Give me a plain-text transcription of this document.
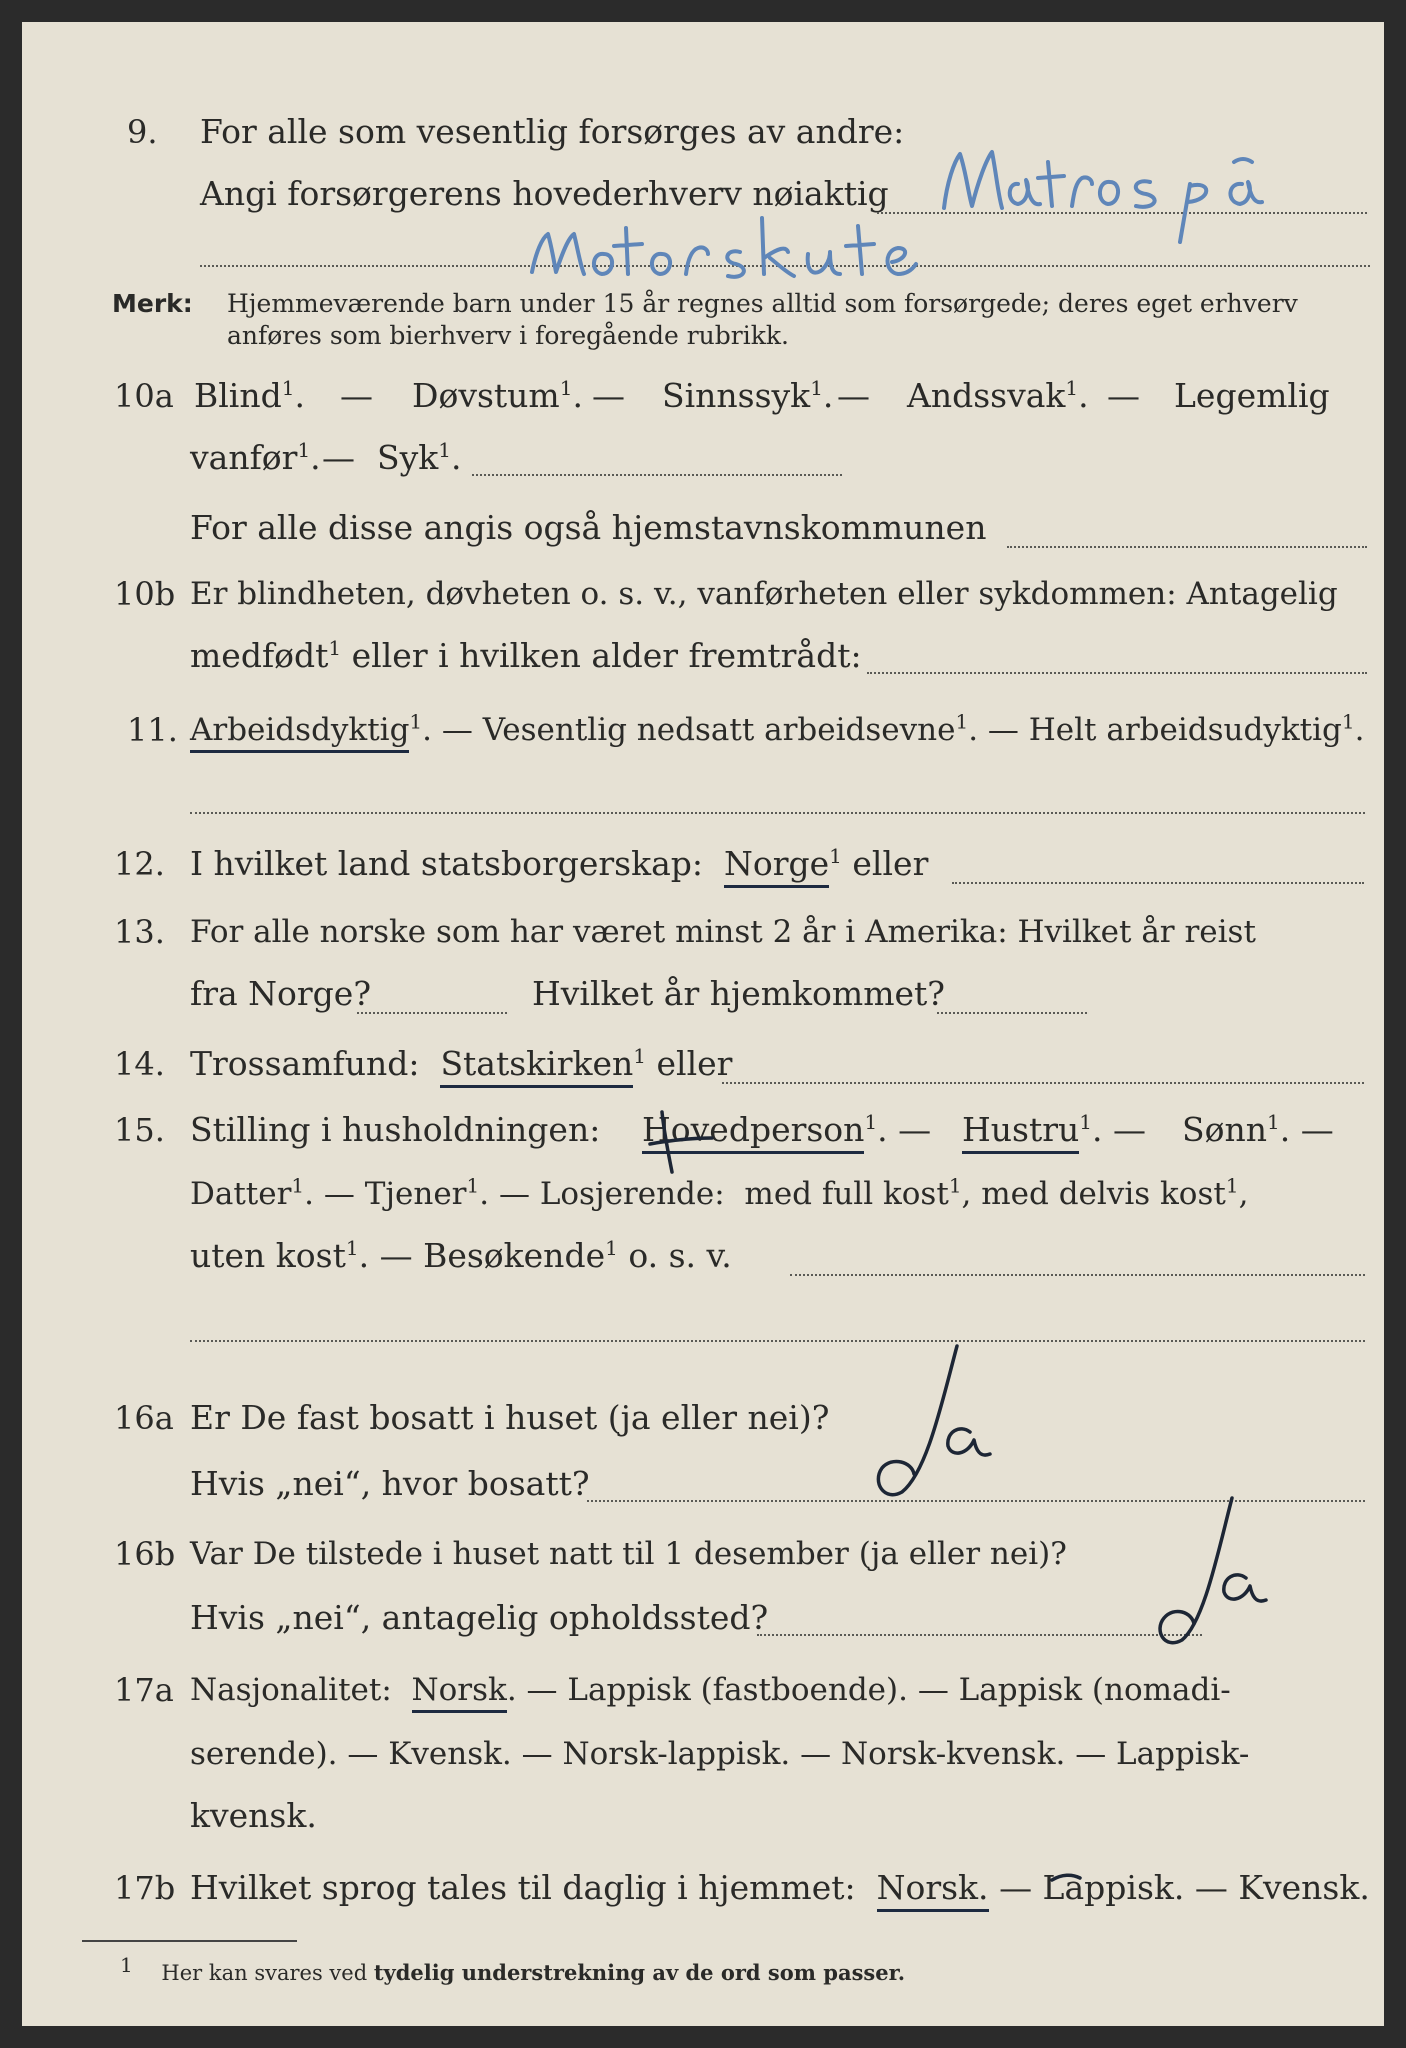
9. For alle som vesentlig forsørges av andre:
Angi forsørgerens hovederhverv nøiaktig
Merk: Hjemmeværende barn under 15 år regnes alltid som forsørgede; deres eget erhverv
anføres som bierhverv i foregående rubrikk.
10a Blind$^1$. — Døvstum$^1$. — Sinnssyk$^1$. — Andssvak$^1$. — Legemlig
vanfør$^1$. — Syk$^1$.
For alle disse angis også hjemstavnskommunen
10b Er blindheten, døvheten o. s. v., vanførheten eller sykdommen: Antagelig
medfødt$^1$ eller i hvilken alder fremtrådt:
11. Arbeidsdyktig$^1$. — Vesentlig nedsatt arbeidsevne$^1$. — Helt arbeidsudyktig$^1$.
12. I hvilket land statsborgerskap: Norge$^1$ eller
13. For alle norske som har været minst 2 år i Amerika: Hvilket år reist
fra Norge?	Hvilket år hjemkommet?
14. Trossamfund: Statskirken$^1$ eller
15. Stilling i husholdningen: Hovedperson$^1$. — Hustru$^1$. — Sønn$^1$. —
Datter$^1$. — Tjener$^1$. — Losjerende: med full kost$^1$, med delvis kost$^1$,
uten kost$^1$. — Besøkende$^1$ o. s. v.
16a Er De fast bosatt i huset (ja eller nei)?
Hvis „nei“, hvor bosatt?
16b Var De tilstede i huset natt til 1 desember (ja eller nei)?
Hvis „nei“, antagelig opholdssted?
17a Nasjonalitet: Norsk. — Lappisk (fastboende). — Lappisk (nomadi-
serende). — Kvensk. — Norsk-lappisk. — Norsk-kvensk. — Lappisk-
kvensk.
17b Hvilket sprog tales til daglig i hjemmet: Norsk. — Lappisk. — Kvensk.
1 Her kan svares ved tydelig understrekning av de ord som passer.
